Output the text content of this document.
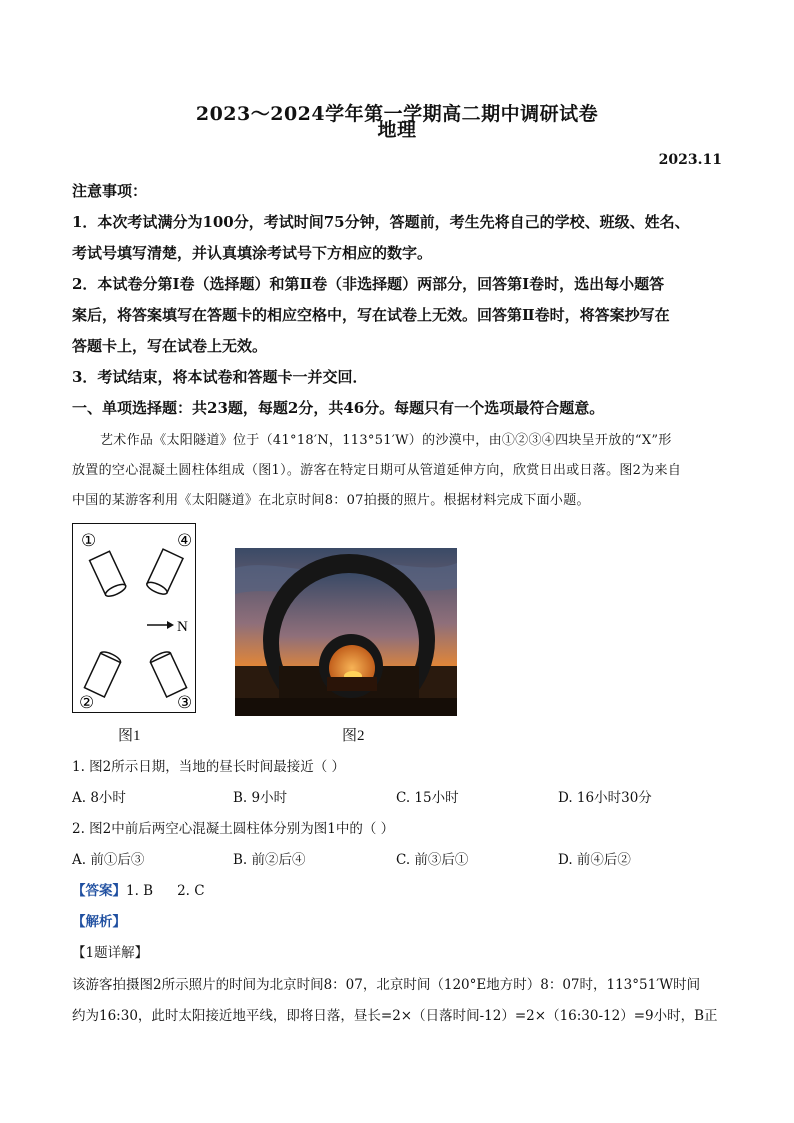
2023～2024学年第一学期高二期中调研试卷
地理
2023.11
注意事项：
1．本次考试满分为100分，考试时间75分钟，答题前，考生先将自己的学校、班级、姓名、
考试号填写清楚，并认真填涂考试号下方相应的数字。
2．本试卷分第Ⅰ卷（选择题）和第Ⅱ卷（非选择题）两部分，回答第Ⅰ卷时，选出每小题答
案后，将答案填写在答题卡的相应空格中，写在试卷上无效。回答第Ⅱ卷时，将答案抄写在
答题卡上，写在试卷上无效。
3．考试结束，将本试卷和答题卡一并交回．
一、单项选择题：共23题，每题2分，共46分。每题只有一个选项最符合题意。
艺术作品《太阳隧道》位于（41°18′N，113°51′W）的沙漠中，由①②③④四块呈开放的“X”形
放置的空心混凝土圆柱体组成（图1）。游客在特定日期可从管道延伸方向，欣赏日出或日落。图2为来自
中国的某游客利用《太阳隧道》在北京时间8：07拍摄的照片。根据材料完成下面小题。
①	④
②	③
N
图1	图2
1. 图2所示日期，当地的昼长时间最接近（ ）
A. 8小时	B. 9小时	C. 15小时	D. 16小时30分
2. 图2中前后两空心混凝土圆柱体分别为图1中的（ ）
A. 前①后③	B. 前②后④	C. 前③后①	D. 前④后②
【答案】1. B 2. C
【解析】
【1题详解】
该游客拍摄图2所示照片的时间为北京时间8：07，北京时间（120°E地方时）8：07时，113°51′W时间
约为16:30，此时太阳接近地平线，即将日落，昼长=2×（日落时间-12）=2×（16:30-12）=9小时，B正
